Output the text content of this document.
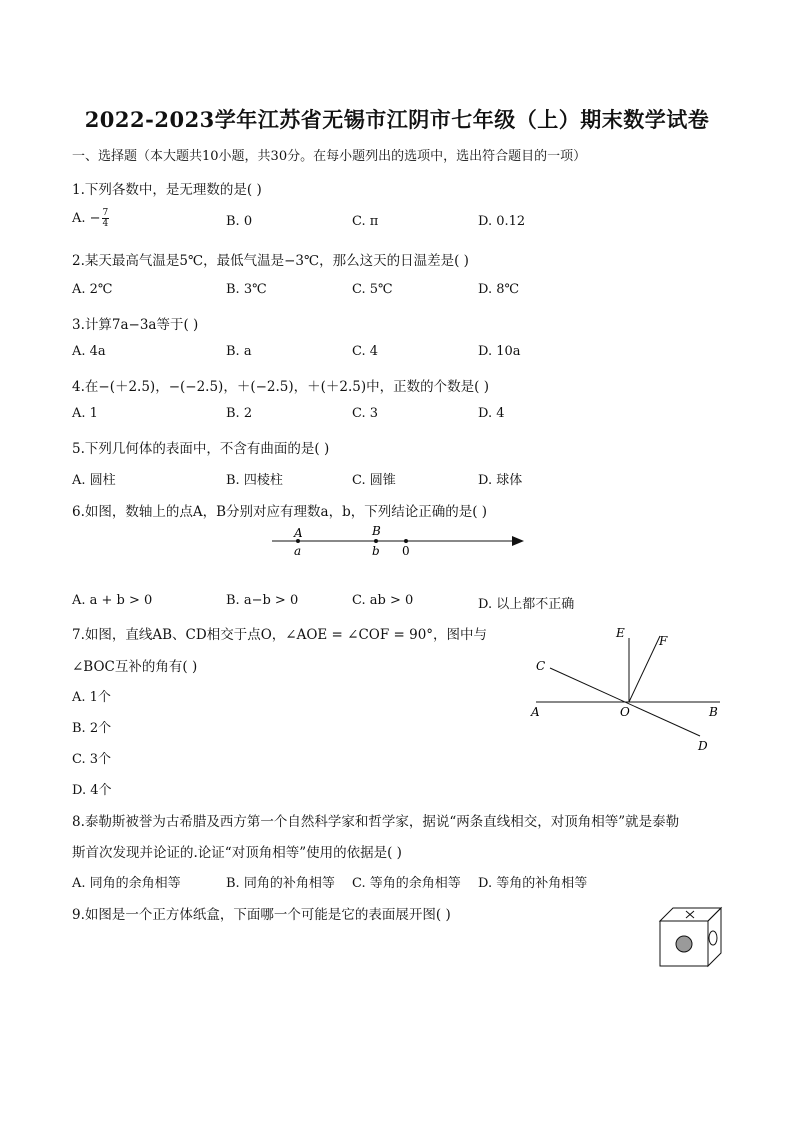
2022-2023学年江苏省无锡市江阴市七年级（上）期末数学试卷
一、选择题（本大题共10小题，共30分。在每小题列出的选项中，选出符合题目的一项）
1.下列各数中，是无理数的是( )
A. − $\frac{7}{4}$	B. 0	C. π	D. 0.12
2.某天最高气温是5℃，最低气温是−3℃，那么这天的日温差是( )
A. 2℃	B. 3℃	C. 5℃	D. 8℃
3.计算7a−3a等于( )
A. 4a	B. a	C. 4	D. 10a
4.在−(＋2.5)，−(−2.5)，＋(−2.5)，＋(＋2.5)中，正数的个数是( )
A. 1	B. 2	C. 3	D. 4
5.下列几何体的表面中，不含有曲面的是( )
A. 圆柱	B. 四棱柱	C. 圆锥	D. 球体
6.如图，数轴上的点A，B分别对应有理数a，b，下列结论正确的是( )
A
a
B
b 0
A. a + b > 0	B. a−b > 0	C. ab > 0	D. 以上都不正确
7.如图，直线AB、CD相交于点O，∠AOE = ∠COF = 90°，图中与
∠BOC互补的角有( )
A. 1个
B. 2个
C. 3个
D. 4个
E
F
C
A	O	B
D
8.泰勒斯被誉为古希腊及西方第一个自然科学家和哲学家，据说“两条直线相交，对顶角相等”就是泰勒
斯首次发现并论证的.论证“对顶角相等”使用的依据是( )
A. 同角的余角相等	B. 同角的补角相等 C. 等角的余角相等 D. 等角的补角相等
9.如图是一个正方体纸盒，下面哪一个可能是它的表面展开图( )
